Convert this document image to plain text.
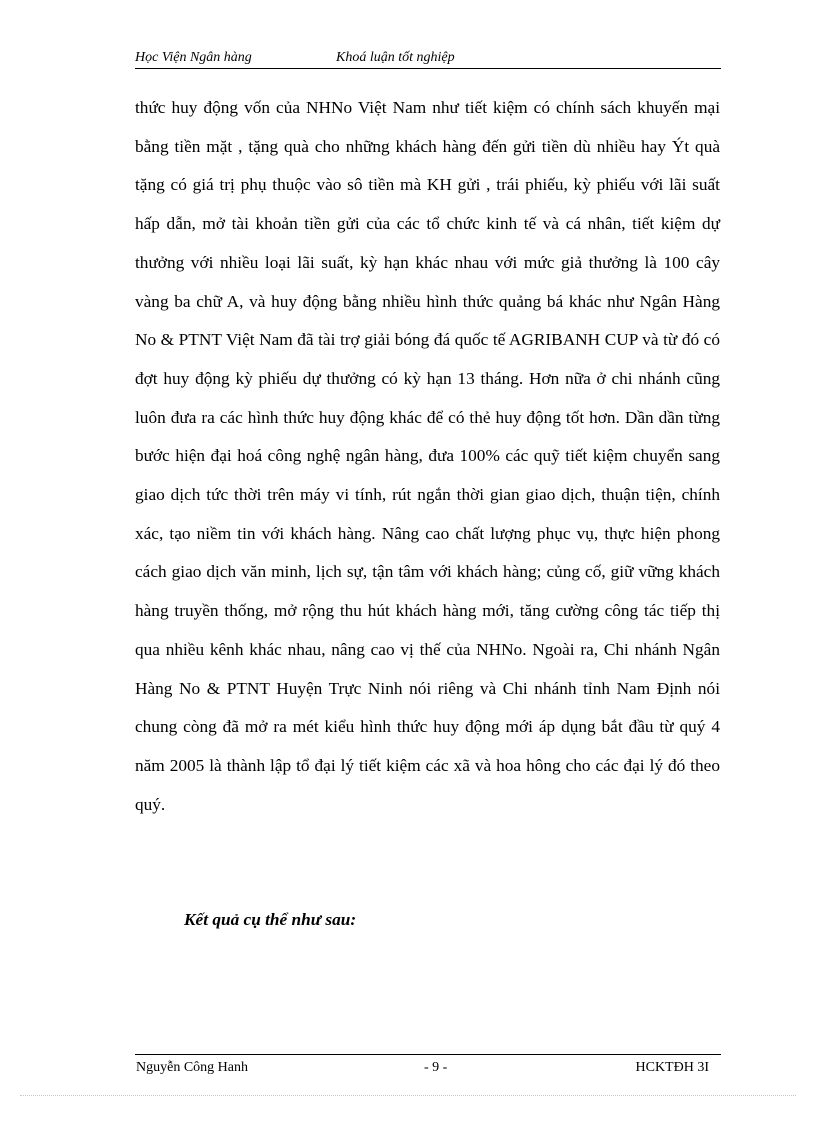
Học Viện Ngân hàng	Khoá luận tốt nghiệp

thức huy động vốn của NHNo Việt Nam như tiết kiệm có chính sách khuyến mại bằng tiền mặt , tặng quà cho những khách hàng đến gửi tiền dù nhiều hay Ýt quà tặng có giá trị phụ thuộc vào sô tiền mà KH gửi , trái phiếu, kỳ phiếu với lãi suất hấp dẫn, mở tài khoản tiền gửi của các tổ chức kinh tế và cá nhân, tiết kiệm dự thưởng với nhiều loại lãi suất, kỳ hạn khác nhau với mức giả thưởng là 100 cây vàng ba chữ A, và huy động bằng nhiều hình thức quảng bá khác như Ngân Hàng No & PTNT Việt Nam đã tài trợ giải bóng đá quốc tế AGRIBANH CUP và từ đó có đợt huy động kỳ phiếu dự thưởng có kỳ hạn 13 tháng. Hơn nữa ở chi nhánh cũng luôn đưa ra các hình thức huy động khác để có thẻ huy động tốt hơn. Dần dần từng bước hiện đại hoá công nghệ ngân hàng, đưa 100% các quỹ tiết kiệm chuyển sang giao dịch tức thời trên máy vi tính, rút ngắn thời gian giao dịch, thuận tiện, chính xác, tạo niềm tin với khách hàng. Nâng cao chất lượng phục vụ, thực hiện phong cách giao dịch văn minh, lịch sự, tận tâm với khách hàng; củng cố, giữ vững khách hàng truyền thống, mở rộng thu hút khách hàng mới, tăng cường công tác tiếp thị qua nhiều kênh khác nhau, nâng cao vị thế của NHNo. Ngoài ra, Chi nhánh Ngân Hàng No & PTNT Huyện Trực Ninh nói riêng và Chi nhánh tỉnh Nam Định nói chung còng đã mở ra mét kiểu hình thức huy động mới áp dụng bắt đầu từ quý 4 năm 2005 là thành lập tổ đại lý tiết kiệm các xã và hoa hông cho các đại lý đó theo quý.

Kết quả cụ thể như sau:

Nguyễn Công Hanh	- 9 -	HCKTĐH 3I
